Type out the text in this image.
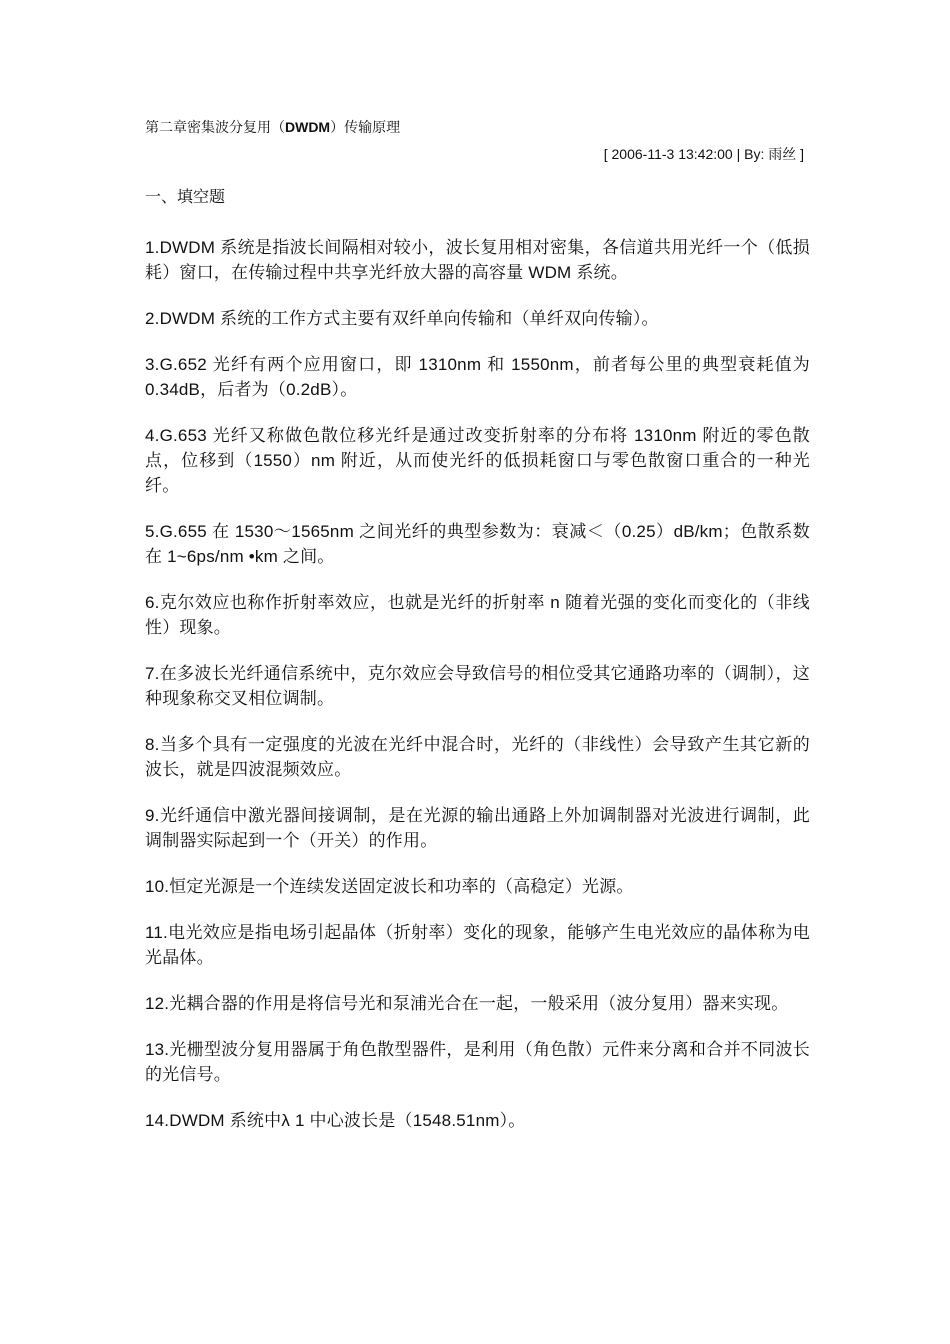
第二章密集波分复用（DWDM）传输原理
[ 2006-11-3 13:42:00 | By: 雨丝 ]
一、填空题
1.DWDM 系统是指波长间隔相对较小，波长复用相对密集，各信道共用光纤一个（低损耗）窗口，在传输过程中共享光纤放大器的高容量 WDM 系统。
2.DWDM 系统的工作方式主要有双纤单向传输和（单纤双向传输）。
3.G.652 光纤有两个应用窗口，即 1310nm 和 1550nm，前者每公里的典型衰耗值为 0.34dB，后者为（0.2dB）。
4.G.653 光纤又称做色散位移光纤是通过改变折射率的分布将 1310nm 附近的零色散点，位移到（1550）nm 附近，从而使光纤的低损耗窗口与零色散窗口重合的一种光纤。
5.G.655 在 1530～1565nm 之间光纤的典型参数为：衰减＜（0.25）dB/km；色散系数在 1~6ps/nm •km 之间。
6.克尔效应也称作折射率效应，也就是光纤的折射率 n 随着光强的变化而变化的（非线性）现象。
7.在多波长光纤通信系统中，克尔效应会导致信号的相位受其它通路功率的（调制），这种现象称交叉相位调制。
8.当多个具有一定强度的光波在光纤中混合时，光纤的（非线性）会导致产生其它新的波长，就是四波混频效应。
9.光纤通信中激光器间接调制，是在光源的输出通路上外加调制器对光波进行调制，此调制器实际起到一个（开关）的作用。
10.恒定光源是一个连续发送固定波长和功率的（高稳定）光源。
11.电光效应是指电场引起晶体（折射率）变化的现象，能够产生电光效应的晶体称为电光晶体。
12.光耦合器的作用是将信号光和泵浦光合在一起，一般采用（波分复用）器来实现。
13.光栅型波分复用器属于角色散型器件，是利用（角色散）元件来分离和合并不同波长的光信号。
14.DWDM 系统中λ 1 中心波长是（1548.51nm）。
